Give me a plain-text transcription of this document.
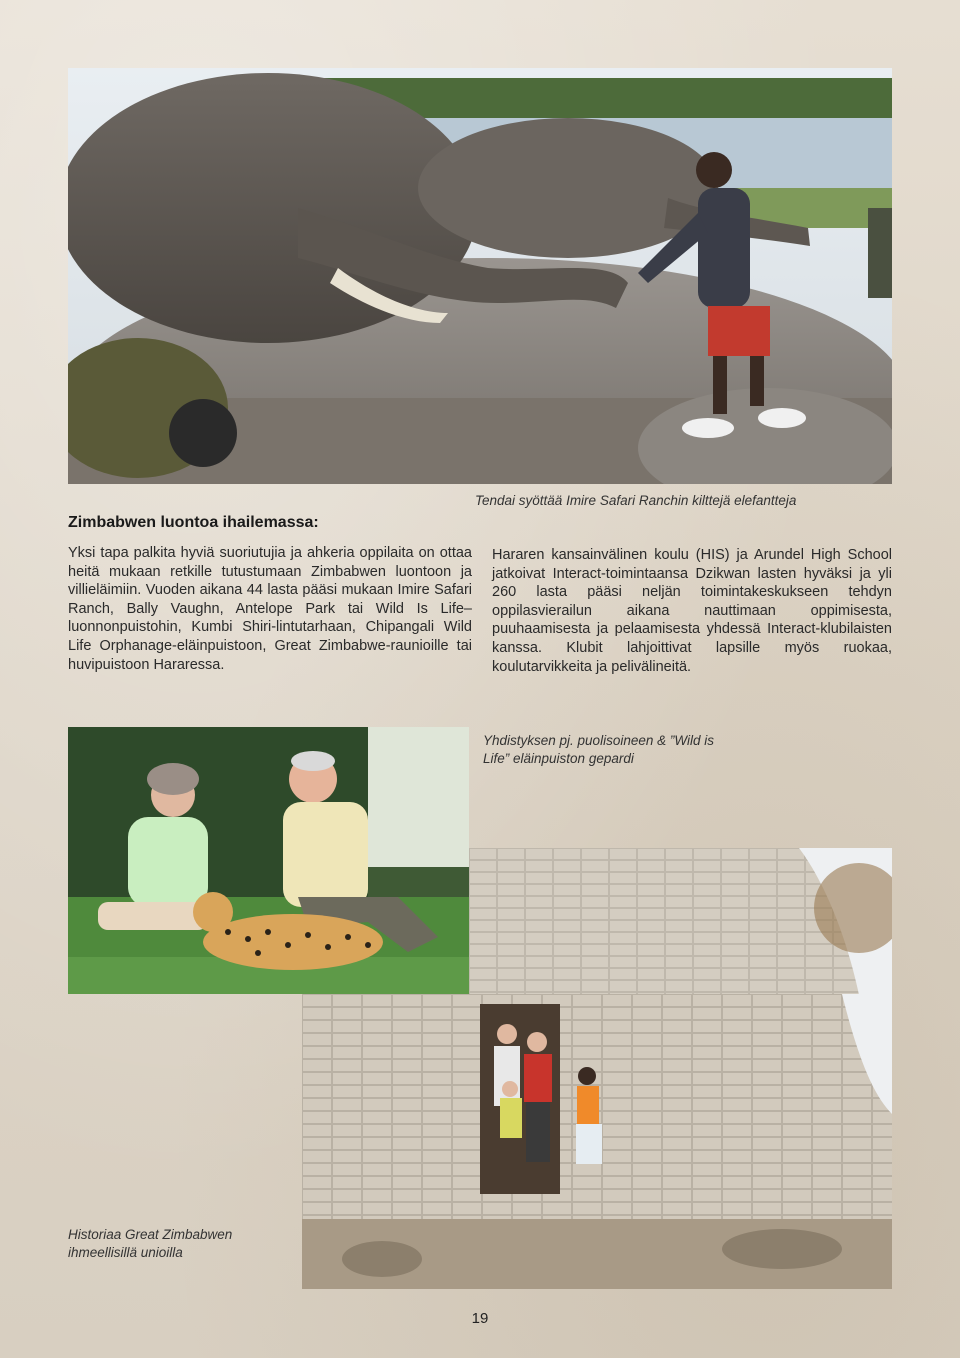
Tendai syöttää Imire Safari Ranchin kilttejä elefantteja
Zimbabwen luontoa ihailemassa:
Yksi tapa palkita hyviä suoriutujia ja ahkeria oppilaita on ottaa heitä mukaan retkille tutustumaan Zimbabwen luontoon ja villieläimiin. Vuoden aikana 44 lasta pääsi mukaan Imire Safari Ranch, Bally Vaughn, Antelope Park tai Wild Is Life–luonnonpuistohin, Kumbi Shiri-lintutarhaan, Chipangali Wild Life Orphanage-eläinpuistoon, Great Zimbabwe-raunioille tai huvipuistoon Hararessa.
Hararen kansainvälinen koulu (HIS) ja Arundel High School jatkoivat Interact-toimintaansa Dzikwan lasten hyväksi ja yli 260 lasta pääsi neljän toimintakeskukseen tehdyn oppilasvierailun aikana nauttimaan oppimisesta, puuhaamisesta ja pelaamisesta yhdessä Interact-klubilaisten kanssa. Klubit lahjoittivat lapsille myös ruokaa, koulutarvikkeita ja pelivälineitä.
Yhdistyksen pj. puolisoineen & ”Wild is Life” eläinpuiston gepardi
Historiaa Great Zimbabwen ihmeellisillä unioilla
19
